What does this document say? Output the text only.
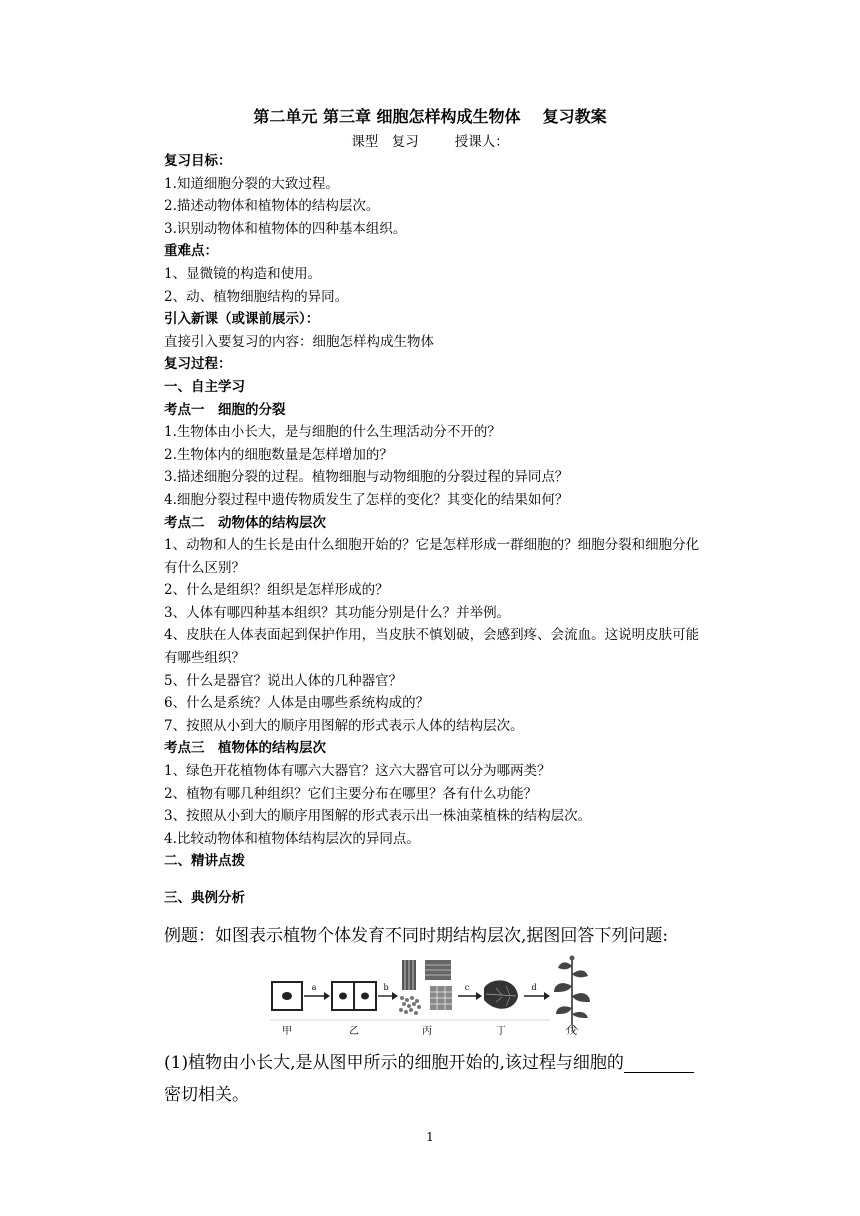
第二单元 第三章 细胞怎样构成生物体 复习教案
课型　复习	授课人：
复习目标：
1.知道细胞分裂的大致过程。
2.描述动物体和植物体的结构层次。
3.识别动物体和植物体的四种基本组织。
重难点：
1、显微镜的构造和使用。
2、动、植物细胞结构的异同。
引入新课（或课前展示）：
直接引入要复习的内容：细胞怎样构成生物体
复习过程：
一、自主学习
考点一　细胞的分裂
1.生物体由小长大，是与细胞的什么生理活动分不开的？
2.生物体内的细胞数量是怎样增加的？
3.描述细胞分裂的过程。植物细胞与动物细胞的分裂过程的异同点？
4.细胞分裂过程中遗传物质发生了怎样的变化？其变化的结果如何？
考点二　动物体的结构层次
1、动物和人的生长是由什么细胞开始的？它是怎样形成一群细胞的？细胞分裂和细胞分化有什么区别？
2、什么是组织？组织是怎样形成的？
3、人体有哪四种基本组织？其功能分别是什么？并举例。
4、皮肤在人体表面起到保护作用，当皮肤不慎划破，会感到疼、会流血。这说明皮肤可能有哪些组织？
5、什么是器官？说出人体的几种器官？
6、什么是系统？人体是由哪些系统构成的？
7、按照从小到大的顺序用图解的形式表示人体的结构层次。
考点三　植物体的结构层次
1、绿色开花植物体有哪六大器官？这六大器官可以分为哪两类？
2、植物有哪几种组织？它们主要分布在哪里？各有什么功能？
3、按照从小到大的顺序用图解的形式表示出一株油菜植株的结构层次。
4.比较动物体和植物体结构层次的异同点。
二、精讲点拨
三、典例分析
例题：如图表示植物个体发育不同时期结构层次,据图回答下列问题:
a	b	c	d
甲	乙	丙	丁	戊
(1)植物由小长大,是从图甲所示的细胞开始的,该过程与细胞的
密切相关。
1
